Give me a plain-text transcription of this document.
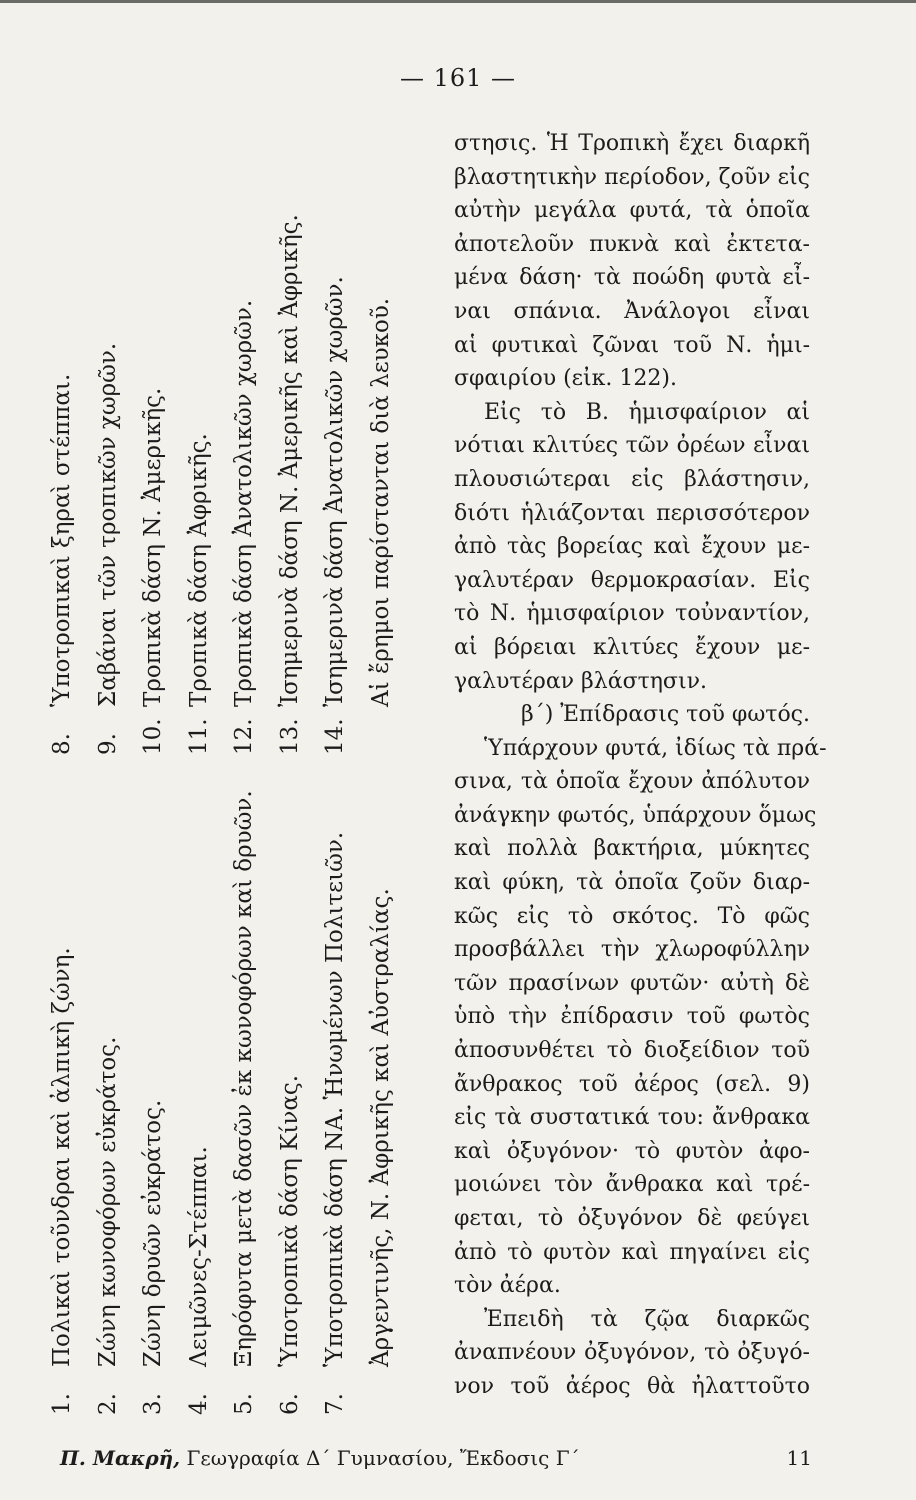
— 161 —
1.Πολικαὶ τοῦνδραι καὶ ἀλπικὴ ζώνη.
2.Ζώνη κωνοφόρων εὐκράτος.
3.Ζώνη δρυῶν εὐκράτος.
4.Λειμῶνες-Στέππαι.
5.Ξηρόφυτα μετὰ δασῶν ἐκ κωνοφόρων καὶ δρυῶν.
6.Ὑποτροπικὰ δάση Κίνας.
7.Ὑποτροπικὰ δάση ΝΑ. Ἡνωμένων Πολιτειῶν. Ἀργεντινῆς, Ν. Ἀφρικῆς καὶ Αὐστραλίας.
8.Ὑποτροπικαὶ ξηραὶ στέππαι.
9.Σαβάναι τῶν τροπικῶν χωρῶν.
10.Τροπικὰ δάση Ν. Ἀμερικῆς.
11.Τροπικὰ δάση Ἀφρικῆς.
12.Τροπικὰ δάση Ἀνατολικῶν χωρῶν.
13.Ἰσημερινὰ δάση Ν. Ἀμερικῆς καὶ Ἀφρικῆς.
14.Ἰσημερινὰ δάση Ἀνατολικῶν χωρῶν. Αἱ ἔρημοι παρίστανται διὰ λευκοῦ.
στησις. Ἡ Τροπικὴ ἔχει διαρκῆ
βλαστητικὴν περίοδον, ζοῦν εἰς
αὐτὴν μεγάλα φυτά, τὰ ὁποῖα
ἀποτελοῦν πυκνὰ καὶ ἐκτετα-
μένα δάση· τὰ ποώδη φυτὰ εἶ-
ναι σπάνια. Ἀνάλογοι εἶναι
αἱ φυτικαὶ ζῶναι τοῦ Ν. ἡμι-
σφαιρίου (εἰκ. 122).
Εἰς τὸ Β. ἡμισφαίριον αἱ
νότιαι κλιτύες τῶν ὀρέων εἶναι
πλουσιώτεραι εἰς βλάστησιν,
διότι ἡλιάζονται περισσότερον
ἀπὸ τὰς βορείας καὶ ἔχουν με-
γαλυτέραν θερμοκρασίαν. Εἰς
τὸ Ν. ἡμισφαίριον τοὐναντίον,
αἱ βόρειαι κλιτύες ἔχουν με-
γαλυτέραν βλάστησιν.
β΄) Ἐπίδρασις τοῦ φωτός.
Ὑπάρχουν φυτά, ἰδίως τὰ πρά-
σινα, τὰ ὁποῖα ἔχουν ἀπόλυτον
ἀνάγκην φωτός, ὑπάρχουν ὅμως
καὶ πολλὰ βακτήρια, μύκητες
καὶ φύκη, τὰ ὁποῖα ζοῦν διαρ-
κῶς εἰς τὸ σκότος. Τὸ φῶς
προσβάλλει τὴν χλωροφύλλην
τῶν πρασίνων φυτῶν· αὐτὴ δὲ
ὑπὸ τὴν ἐπίδρασιν τοῦ φωτὸς
ἀποσυνθέτει τὸ διοξείδιον τοῦ
ἄνθρακος τοῦ ἀέρος (σελ. 9)
εἰς τὰ συστατικά του: ἄνθρακα
καὶ ὀξυγόνον· τὸ φυτὸν ἀφο-
μοιώνει τὸν ἄνθρακα καὶ τρέ-
φεται, τὸ ὀξυγόνον δὲ φεύγει
ἀπὸ τὸ φυτὸν καὶ πηγαίνει εἰς
τὸν ἀέρα.
Ἐπειδὴ τὰ ζῷα διαρκῶς
ἀναπνέουν ὀξυγόνον, τὸ ὀξυγό-
νον τοῦ ἀέρος θὰ ἠλαττοῦτο
Π. Μακρῆ, Γεωγραφία Δ΄ Γυμνασίου, Ἔκδοσις Γ΄	11
